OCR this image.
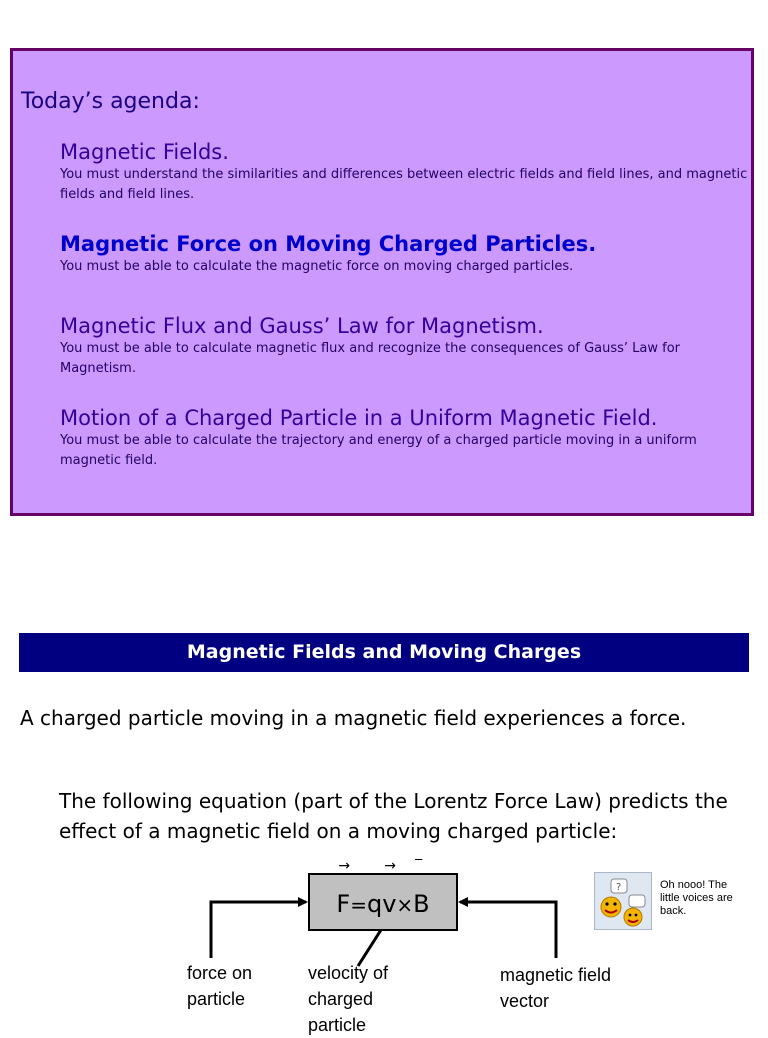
Today’s agenda:
Magnetic Fields.
You must understand the similarities and differences between electric fields and field lines, and magnetic fields and field lines.
Magnetic Force on Moving Charged Particles.
You must be able to calculate the magnetic force on moving charged particles.
Magnetic Flux and Gauss’ Law for Magnetism.
You must be able to calculate magnetic flux and recognize the consequences of Gauss’ Law for Magnetism.
Motion of a Charged Particle in a Uniform Magnetic Field.
You must be able to calculate the trajectory and energy of a charged particle moving in a uniform magnetic field.
Magnetic Fields and Moving Charges
A charged particle moving in a magnetic field experiences a force.
The following equation (part of the Lorentz Force Law) predicts the effect of a magnetic field on a moving charged particle:
→
F=q
→
v×
‾
B
force on particle
velocity of charged particle
magnetic field vector
?	Oh nooo! The little voices are back.
